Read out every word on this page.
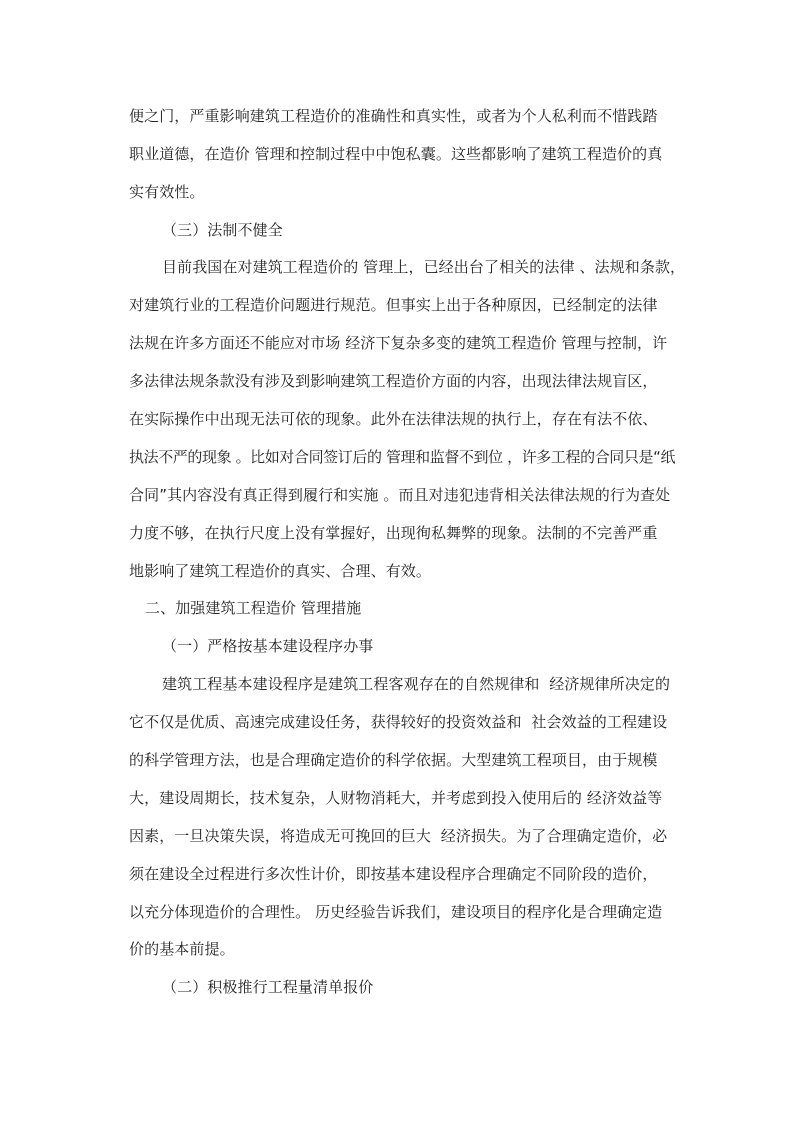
便之门，严重影响建筑工程造价的准确性和真实性，或者为个人私利而不惜践踏
职业道德，在造价 管理和控制过程中中饱私囊。这些都影响了建筑工程造价的真
实有效性。
（三）法制不健全
目前我国在对建筑工程造价的 管理上，已经出台了相关的法律 、法规和条款，
对建筑行业的工程造价问题进行规范。但事实上出于各种原因，已经制定的法律
法规在许多方面还不能应对市场 经济下复杂多变的建筑工程造价 管理与控制，许
多法律法规条款没有涉及到影响建筑工程造价方面的内容，出现法律法规盲区，
在实际操作中出现无法可依的现象。此外在法律法规的执行上，存在有法不依、
执法不严的现象 。比如对合同签订后的 管理和监督不到位 ，许多工程的合同只是“纸
合同”其内容没有真正得到履行和实施 。而且对违犯违背相关法律法规的行为查处
力度不够，在执行尺度上没有掌握好，出现徇私舞弊的现象。法制的不完善严重
地影响了建筑工程造价的真实、合理、有效。
二、加强建筑工程造价 管理措施
（一）严格按基本建设程序办事
建筑工程基本建设程序是建筑工程客观存在的自然规律和  经济规律所决定的
它不仅是优质、高速完成建设任务，获得较好的投资效益和  社会效益的工程建设
的科学管理方法，也是合理确定造价的科学依据。大型建筑工程项目，由于规模
大，建设周期长，技术复杂，人财物消耗大，并考虑到投入使用后的 经济效益等
因素，一旦决策失误，将造成无可挽回的巨大  经济损失。为了合理确定造价，必
须在建设全过程进行多次性计价，即按基本建设程序合理确定不同阶段的造价，
以充分体现造价的合理性。 历史经验告诉我们，建设项目的程序化是合理确定造
价的基本前提。
（二）积极推行工程量清单报价
